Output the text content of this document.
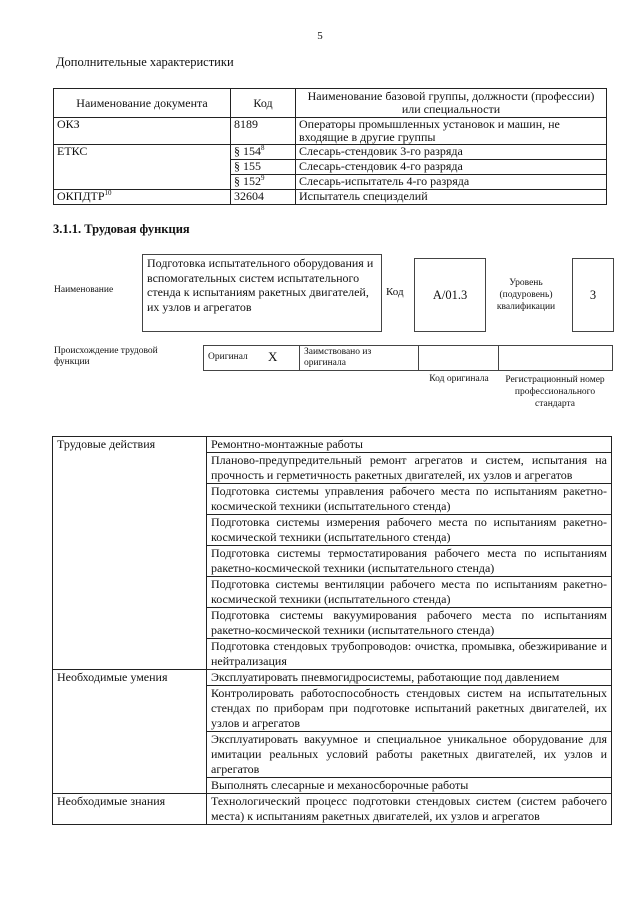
5
Дополнительные характеристики
Наименование документа	Код	Наименование базовой группы, должности (профессии) или специальности
ОКЗ	8189	Операторы промышленных установок и машин, не входящие в другие группы
ЕТКС	§ $154^8$	Слесарь-стендовик 3-го разряда
	§ 155	Слесарь-стендовик 4-го разряда
	§ $152^9$	Слесарь-испытатель 4-го разряда
ОКПДТР$^{10}$	32604	Испытатель специзделий
3.1.1. Трудовая функция
Наименование
Подготовка испытательного оборудования и вспомогательных систем испытательного стенда к испытаниям ракетных двигателей, их узлов и агрегатов
Код	А/01.3
Уровень (подуровень) квалификации
3
Происхождение трудовой функции	Оригинал X	Заимствовано из оригинала
Код оригинала	Регистрационный номер профессионального стандарта
Трудовые действия	Ремонтно-монтажные работы
	Планово-предупредительный ремонт агрегатов и систем, испытания на прочность и герметичность ракетных двигателей, их узлов и агрегатов
	Подготовка системы управления рабочего места по испытаниям ракетно-космической техники (испытательного стенда)
	Подготовка системы измерения рабочего места по испытаниям ракетно-космической техники (испытательного стенда)
	Подготовка системы термостатирования рабочего места по испытаниям ракетно-космической техники (испытательного стенда)
	Подготовка системы вентиляции рабочего места по испытаниям ракетно-космической техники (испытательного стенда)
	Подготовка системы вакуумирования рабочего места по испытаниям ракетно-космической техники (испытательного стенда)
	Подготовка стендовых трубопроводов: очистка, промывка, обезжиривание и нейтрализация
Необходимые умения	Эксплуатировать пневмогидросистемы, работающие под давлением
	Контролировать работоспособность стендовых систем на испытательных стендах по приборам при подготовке испытаний ракетных двигателей, их узлов и агрегатов
	Эксплуатировать вакуумное и специальное уникальное оборудование для имитации реальных условий работы ракетных двигателей, их узлов и агрегатов
	Выполнять слесарные и механосборочные работы
Необходимые знания	Технологический процесс подготовки стендовых систем (систем рабочего места) к испытаниям ракетных двигателей, их узлов и агрегатов
